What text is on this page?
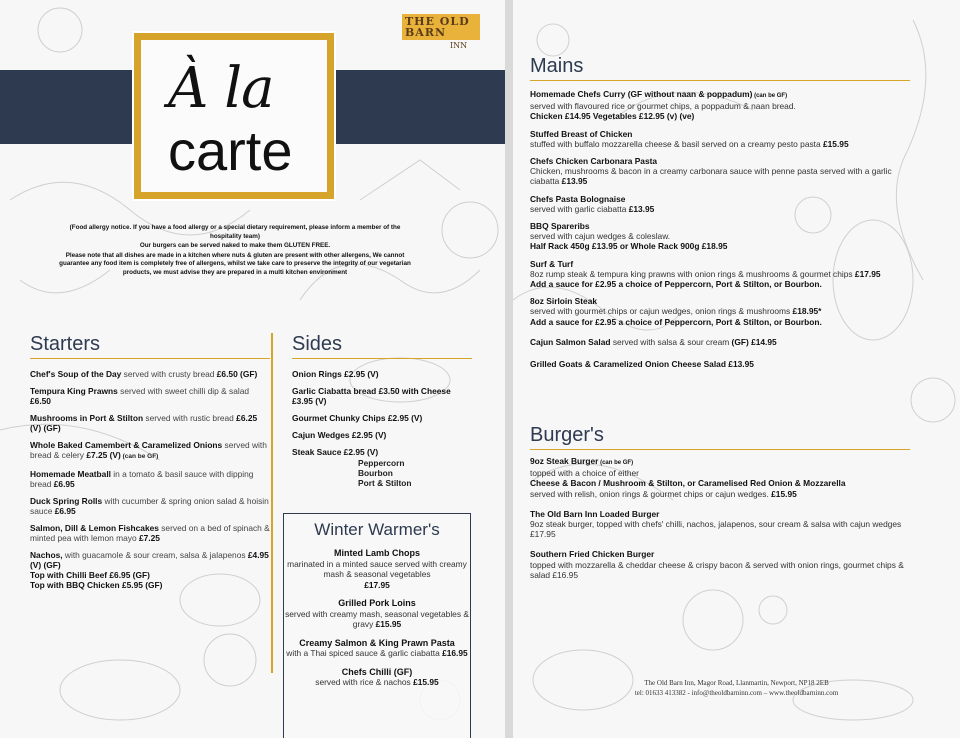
THE OLD BARN
INN
À la
carte

(Food allergy notice. If you have a food allergy or a special dietary requirement, please inform a member of the hospitality team)

Our burgers can be served naked to make them GLUTEN FREE.

Please note that all dishes are made in a kitchen where nuts & gluten are present with other allergens, We cannot guarantee any food item is completely free of allergens, whilst we take care to preserve the integrity of our vegetarian products, we must advise they are prepared in a multi kitchen environment

Starters
Chef's Soup of the Day served with crusty bread £6.50 (GF)
Tempura King Prawns served with sweet chilli dip & salad £6.50
Mushrooms in Port & Stilton served with rustic bread £6.25 (V) (GF)
Whole Baked Camembert & Caramelized Onions served with bread & celery £7.25 (V) (can be GF)
Homemade Meatball in a tomato & basil sauce with dipping bread £6.95
Duck Spring Rolls with cucumber & spring onion salad & hoisin sauce £6.95
Salmon, Dill & Lemon Fishcakes served on a bed of spinach & minted pea with lemon mayo £7.25
Nachos, with guacamole & sour cream, salsa & jalapenos £4.95 (V) (GF)
Top with Chilli Beef £6.95 (GF)
Top with BBQ Chicken £5.95 (GF)
Sides
Onion Rings £2.95 (V)
Garlic Ciabatta bread £3.50 with Cheese £3.95 (V)
Gourmet Chunky Chips £2.95 (V)
Cajun Wedges £2.95 (V)
Steak Sauce £2.95 (V)
Peppercorn
Bourbon
Port & Stilton
Winter Warmer's
Minted Lamb Chops
marinated in a minted sauce served with creamy mash & seasonal vegetables
£17.95
Grilled Pork Loins
served with creamy mash, seasonal vegetables & gravy £15.95
Creamy Salmon & King Prawn Pasta
with a Thai spiced sauce & garlic ciabatta £16.95
Chefs Chilli (GF)
served with rice & nachos £15.95
Mains
Homemade Chefs Curry (GF without naan & poppadum) (can be GF)
served with flavoured rice or gourmet chips, a poppadum & naan bread.
Chicken £14.95 Vegetables £12.95 (v) (ve)
Stuffed Breast of Chicken
stuffed with buffalo mozzarella cheese & basil served on a creamy pesto pasta £15.95
Chefs Chicken Carbonara Pasta
Chicken, mushrooms & bacon in a creamy carbonara sauce with penne pasta served with a garlic ciabatta £13.95
Chefs Pasta Bolognaise
served with garlic ciabatta £13.95
BBQ Spareribs
served with cajun wedges & coleslaw.
Half Rack 450g £13.95 or Whole Rack 900g £18.95
Surf & Turf
8oz rump steak & tempura king prawns with onion rings & mushrooms & gourmet chips £17.95
Add a sauce for £2.95 a choice of Peppercorn, Port & Stilton, or Bourbon.
8oz Sirloin Steak
served with gourmet chips or cajun wedges, onion rings & mushrooms £18.95*
Add a sauce for £2.95 a choice of Peppercorn, Port & Stilton, or Bourbon.
Cajun Salmon Salad served with salsa & sour cream (GF) £14.95
Grilled Goats & Caramelized Onion Cheese Salad £13.95
Burger's
9oz Steak Burger (can be GF)
topped with a choice of either
Cheese & Bacon / Mushroom & Stilton, or Caramelised Red Onion & Mozzarella
served with relish, onion rings & gourmet chips or cajun wedges. £15.95
The Old Barn Inn Loaded Burger
9oz steak burger, topped with chefs' chilli, nachos, jalapenos, sour cream & salsa with cajun wedges £17.95
Southern Fried Chicken Burger
topped with mozzarella & cheddar cheese & crispy bacon & served with onion rings, gourmet chips & salad £16.95
The Old Barn Inn, Magor Road, Llanmartin, Newport, NP18 2EB
tel: 01633 413382 - info@theoldbarninn.com – www.theoldbarninn.com
